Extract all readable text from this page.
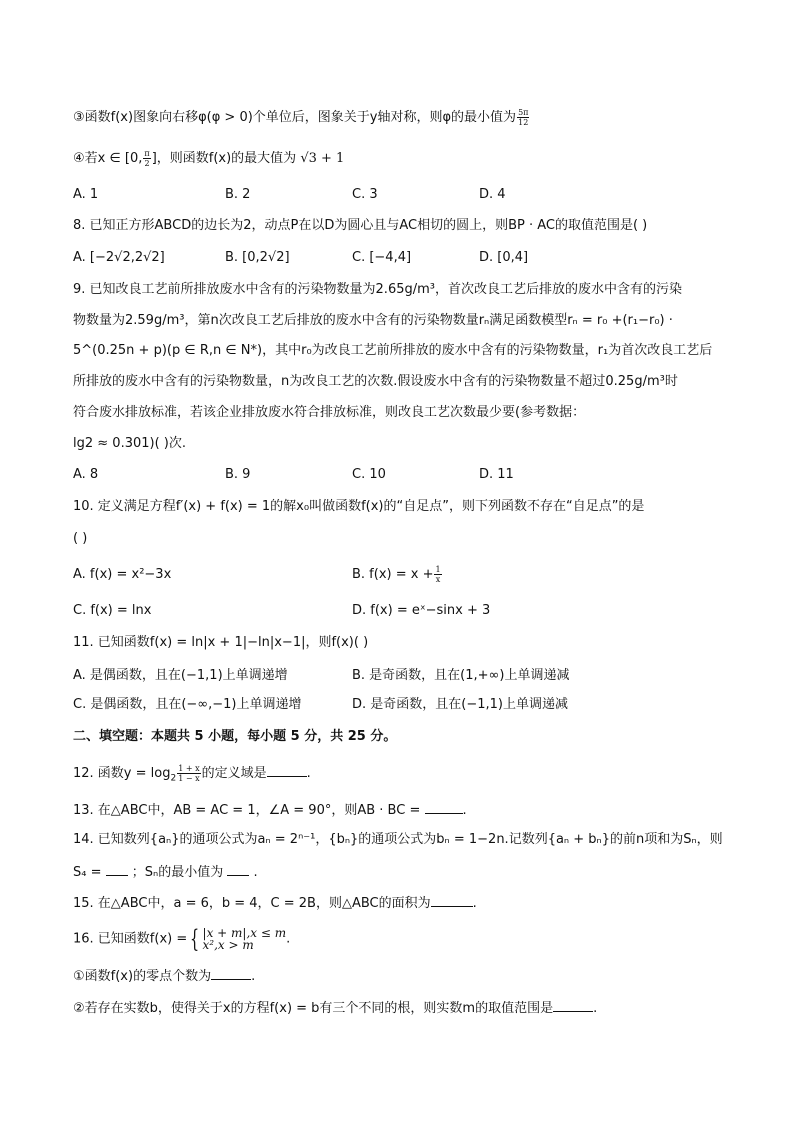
③函数f(x)图象向右移φ(φ > 0)个单位后，图象关于y轴对称，则φ的最小值为 $\frac{5\pi}{12}$
④若x ∈ [0, $\frac{\pi}{2}$ ]，则函数f(x)的最大值为 √3 + 1
A. 1	B. 2	C. 3	D. 4
8. 已知正方形ABCD的边长为2，动点P在以D为圆心且与AC相切的圆上，则BP · AC的取值范围是( )
A. [−2√2,2√2]	B. [0,2√2]	C. [−4,4]	D. [0,4]
9. 已知改良工艺前所排放废水中含有的污染物数量为2.65g/m³，首次改良工艺后排放的废水中含有的污染
物数量为2.59g/m³，第n次改良工艺后排放的废水中含有的污染物数量rₙ满足函数模型rₙ = r₀ +(r₁−r₀) ·
5^(0.25n + p)(p ∈ R,n ∈ N*)，其中r₀为改良工艺前所排放的废水中含有的污染物数量，r₁为首次改良工艺后
所排放的废水中含有的污染物数量，n为改良工艺的次数.假设废水中含有的污染物数量不超过0.25g/m³时
符合废水排放标准，若该企业排放废水符合排放标准，则改良工艺次数最少要(参考数据：
lg2 ≈ 0.301)( )次.
A. 8	B. 9	C. 10	D. 11
10. 定义满足方程f′(x) + f(x) = 1的解x₀叫做函数f(x)的“自足点”，则下列函数不存在“自足点”的是
( )
A. f(x) = x²−3x	B. $f(x) = x + \frac{1}{x}$
C. f(x) = lnx	D. f(x) = eˣ−sinx + 3
11. 已知函数f(x) = ln|x + 1|−ln|x−1|，则f(x)( )
A. 是偶函数，且在(−1,1)上单调递增	B. 是奇函数，且在(1,+∞)上单调递减
C. 是偶函数，且在(−∞,−1)上单调递增	D. 是奇函数，且在(−1,1)上单调递减
二、填空题：本题共 5 小题，每小题 5 分，共 25 分。
12. 函数$y = \log_2 \frac{1 + x}{1 - x}$ 的定义域是	.
13. 在△ABC中，AB = AC = 1，∠A = 90°，则AB · BC =	.
14. 已知数列{aₙ}的通项公式为aₙ = 2ⁿ⁻¹，{bₙ}的通项公式为bₙ = 1−2n.记数列{aₙ + bₙ}的前n项和为Sₙ，则
S₄ = ；Sₙ的最小值为  .
15. 在△ABC中，a = 6，b = 4，C = 2B，则△ABC的面积为	.
16. 已知函数f(x) = { |x + m|,x ≤ m
x²,x > m	.
①函数f(x)的零点个数为	.
②若存在实数b，使得关于x的方程f(x) = b有三个不同的根，则实数m的取值范围是	.
